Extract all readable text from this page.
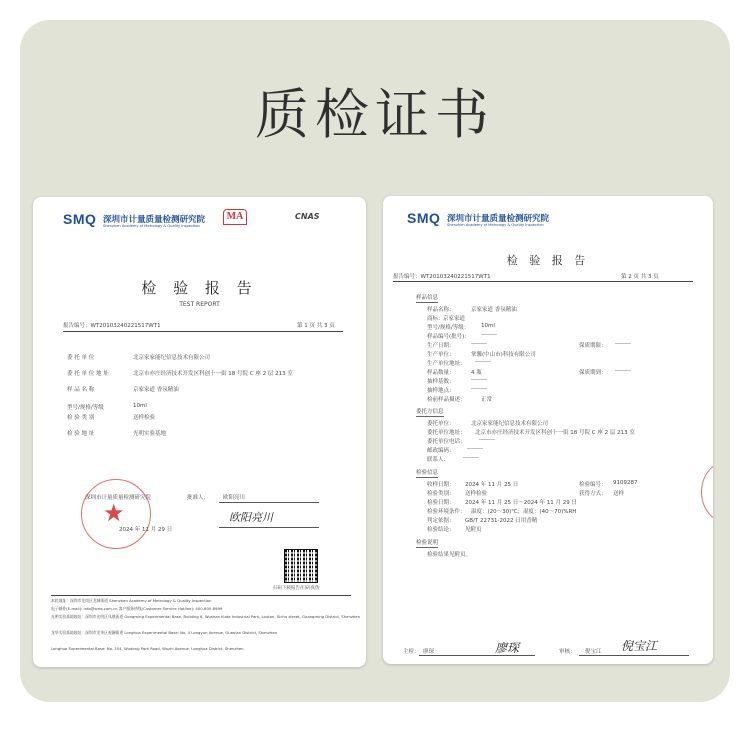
质检证书
SMQ 深圳市计量质量检测研究院
Shenzhen Academy of Metrology & Quality Inspection
MA	CNAS
检 验 报 告
TEST REPORT
报告编号：WT20103240221517WT1	第 1 页 共 3 页
委 托 单 位	北京家家能纪信息技术有限公司
委 托 单 位 地 址	北京市亦庄经济技术开发区科创十一街 18 号院 C 座 2 层 213 室
样 品 名 称	京家家道 香氛精油
型号/规格/等级	10ml
检 验 类 别	送样检验
检 验 地 址	光明实验基地
深圳市计量质量检测研究院	批准人：	欧阳亮川
欧阳亮川
2024 年 11 月 29 日
★
扫码下载报告/扫码真伪
本院地址：深圳市龙岗区龙城街道 Shenzhen Academy of Metrology & Quality Inspection
电子邮件(E-mail): info@smq.com.cn 客户服务热线(Customer Service Hotline): 400-800-8999
光明实验基地地址：深圳市光明区凤凰街道 Gongming Experimental Base, Building 6, Wushan Kuda Industrial Park, Louton, Sichu street, Guangming District, Shenzhen
龙华实验基地地址：深圳市龙华区观澜街道 Longhua Experimental Base: No. 4 Longyun Avenue, Guanlan District, Shenzhen
Longhua Experimental Base: No. 104, Wudong Park Road, Wuzhi Avenue, Longhua District, Shenzhen
SMQ 深圳市计量质量检测研究院
Shenzhen Academy of Metrology & Quality Inspection
检 验 报 告
报告编号：WT20103240221517WT1	第 2 页 共 3 页
样品信息
样品名称：	京家家道 香氛精油
商标： 京家家道
型号/规格/等级： 10ml
样品编号(批号)： --------
生产日期：	--------	保质期限： --------
生产单位：	掌馨(中山市)科技有限公司
生产单位地址： --------
样品数量：	4 瓶	保质期到： --------
抽样基数：	--------
抽样地点：	--------
检前样品描述：	正常
委托方信息
委托单位：	北京家家能纪信息技术有限公司
委托单位地址： 北京市亦庄经济技术开发区科创十一街 18 号院 C 座 2 层 213 室
委托单位电话： --------
邮政编码： --------
联系人：	--------
检验信息
收样日期： 2024 年 11 月 25 日	检验编号： 9109287
检验类别： 送样检验	获得方式： 送样
检验日期： 2024 年 11 月 25 日～2024 年 11 月 29 日
检验环境条件： 温度：(20～30)℃；湿度：(40～70)%RH
判定依据： GB/T 22731-2022 日用香精
检验结论： 见附页
检验说明
检验结果见附页。
主检： 廖琛	廖琛	审核： 倪宝江 倪宝江
